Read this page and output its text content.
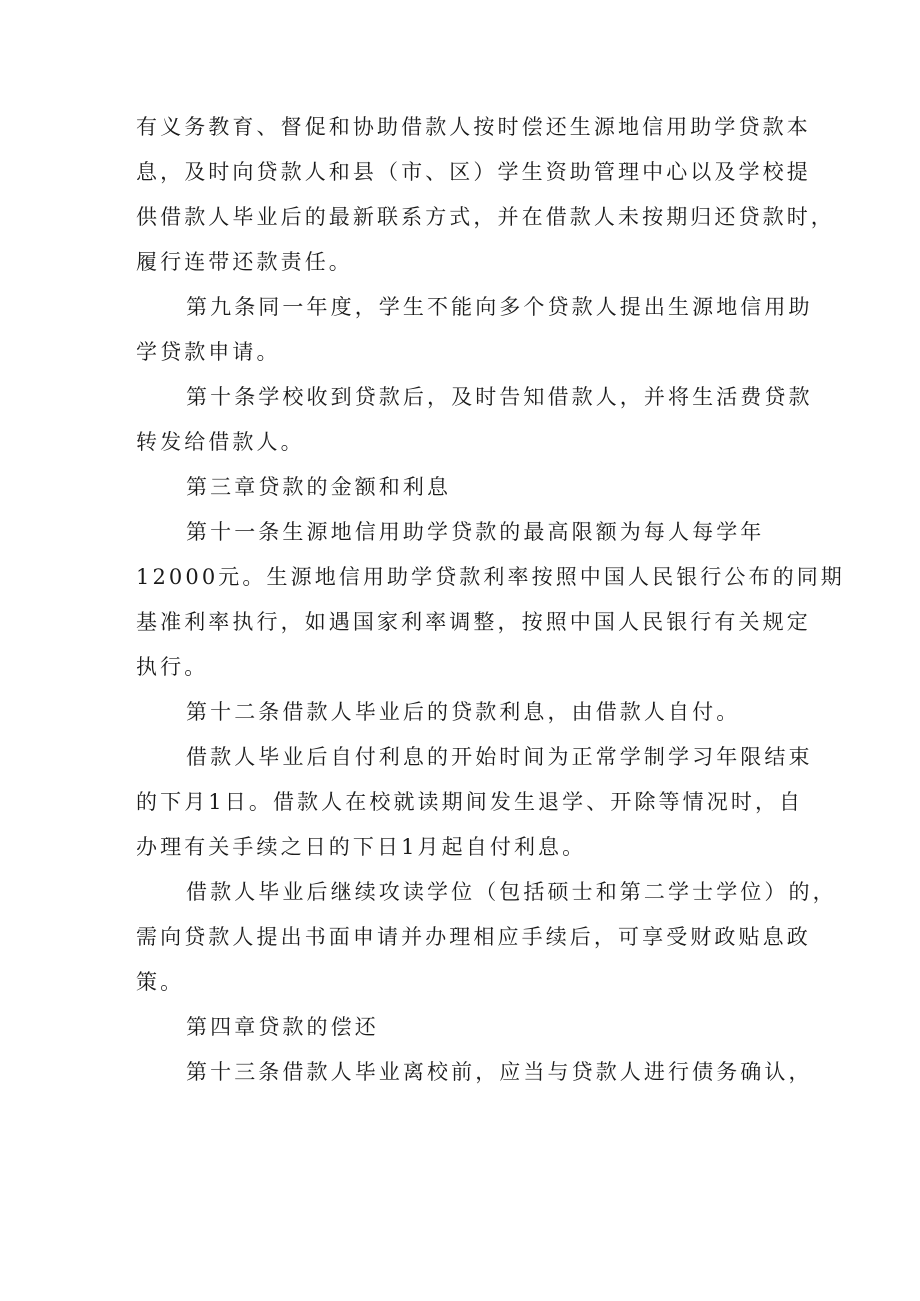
有义务教育、督促和协助借款人按时偿还生源地信用助学贷款本
息，及时向贷款人和县（市、区）学生资助管理中心以及学校提
供借款人毕业后的最新联系方式，并在借款人未按期归还贷款时，
履行连带还款责任。
第九条同一年度，学生不能向多个贷款人提出生源地信用助
学贷款申请。
第十条学校收到贷款后，及时告知借款人，并将生活费贷款
转发给借款人。
第三章贷款的金额和利息
第十一条生源地信用助学贷款的最高限额为每人每学年
12000元。生源地信用助学贷款利率按照中国人民银行公布的同期
基准利率执行，如遇国家利率调整，按照中国人民银行有关规定
执行。
第十二条借款人毕业后的贷款利息，由借款人自付。
借款人毕业后自付利息的开始时间为正常学制学习年限结束
的下月1日。借款人在校就读期间发生退学、开除等情况时，自
办理有关手续之日的下日1月起自付利息。
借款人毕业后继续攻读学位（包括硕士和第二学士学位）的，
需向贷款人提出书面申请并办理相应手续后，可享受财政贴息政
策。
第四章贷款的偿还
第十三条借款人毕业离校前，应当与贷款人进行债务确认，
